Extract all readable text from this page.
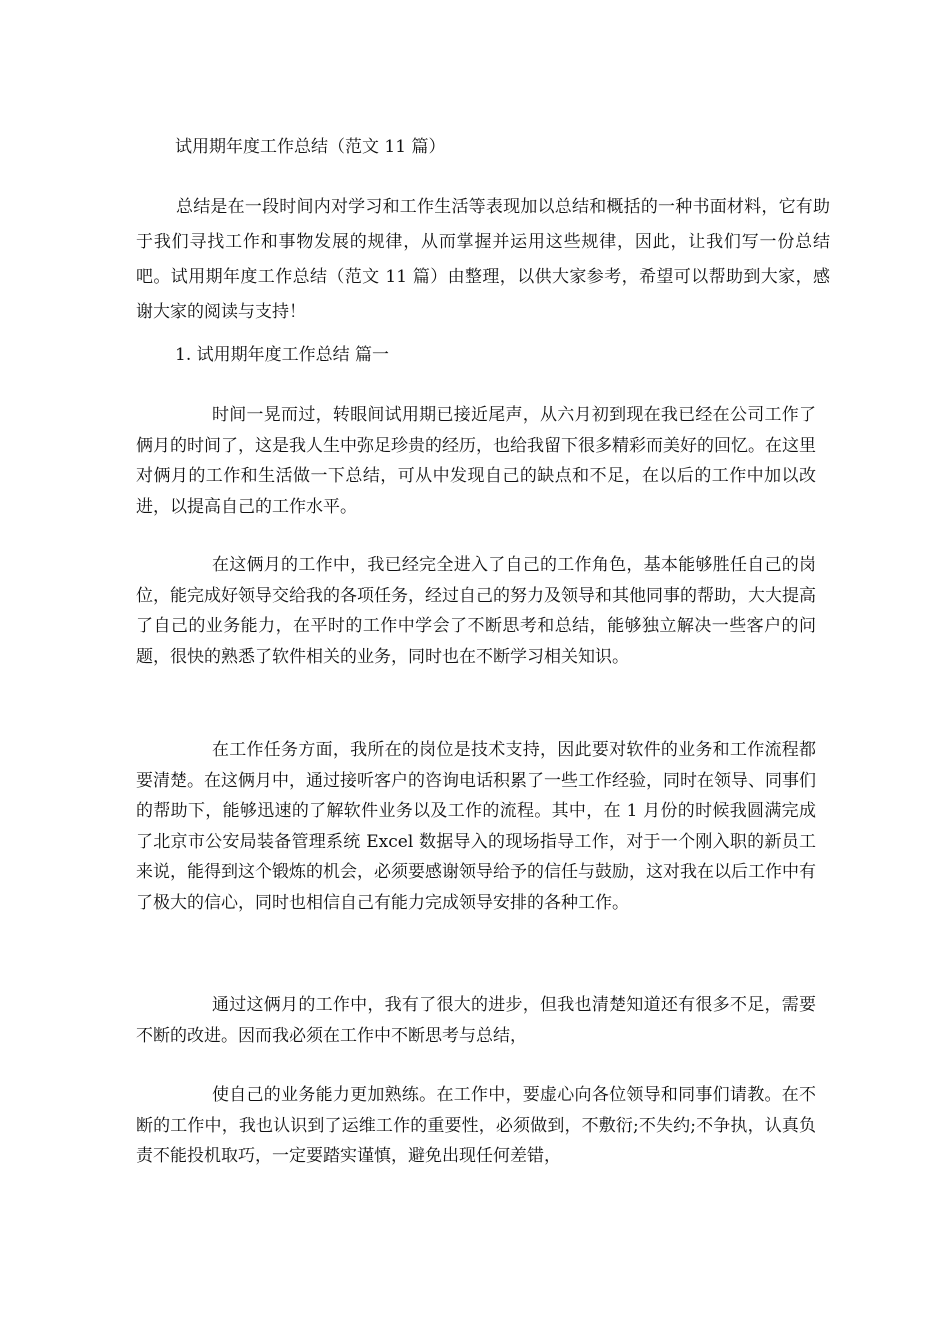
试用期年度工作总结（范文 11 篇）

总结是在一段时间内对学习和工作生活等表现加以总结和概括的一种书面材料，它有助于我们寻找工作和事物发展的规律，从而掌握并运用这些规律，因此，让我们写一份总结吧。试用期年度工作总结（范文 11 篇）由整理，以供大家参考，希望可以帮助到大家，感谢大家的阅读与支持！

1. 试用期年度工作总结 篇一

时间一晃而过，转眼间试用期已接近尾声，从六月初到现在我已经在公司工作了俩月的时间了，这是我人生中弥足珍贵的经历，也给我留下很多精彩而美好的回忆。在这里对俩月的工作和生活做一下总结，可从中发现自己的缺点和不足，在以后的工作中加以改进，以提高自己的工作水平。

在这俩月的工作中，我已经完全进入了自己的工作角色，基本能够胜任自己的岗位，能完成好领导交给我的各项任务，经过自己的努力及领导和其他同事的帮助，大大提高了自己的业务能力，在平时的工作中学会了不断思考和总结，能够独立解决一些客户的问题，很快的熟悉了软件相关的业务，同时也在不断学习相关知识。

在工作任务方面，我所在的岗位是技术支持，因此要对软件的业务和工作流程都要清楚。在这俩月中，通过接听客户的咨询电话积累了一些工作经验，同时在领导、同事们的帮助下，能够迅速的了解软件业务以及工作的流程。其中，在 1 月份的时候我圆满完成了北京市公安局装备管理系统 Excel 数据导入的现场指导工作，对于一个刚入职的新员工来说，能得到这个锻炼的机会，必须要感谢领导给予的信任与鼓励，这对我在以后工作中有了极大的信心，同时也相信自己有能力完成领导安排的各种工作。

通过这俩月的工作中，我有了很大的进步，但我也清楚知道还有很多不足，需要不断的改进。因而我必须在工作中不断思考与总结，

使自己的业务能力更加熟练。在工作中，要虚心向各位领导和同事们请教。在不断的工作中，我也认识到了运维工作的重要性，必须做到，不敷衍;不失约;不争执，认真负责不能投机取巧，一定要踏实谨慎，避免出现任何差错，
